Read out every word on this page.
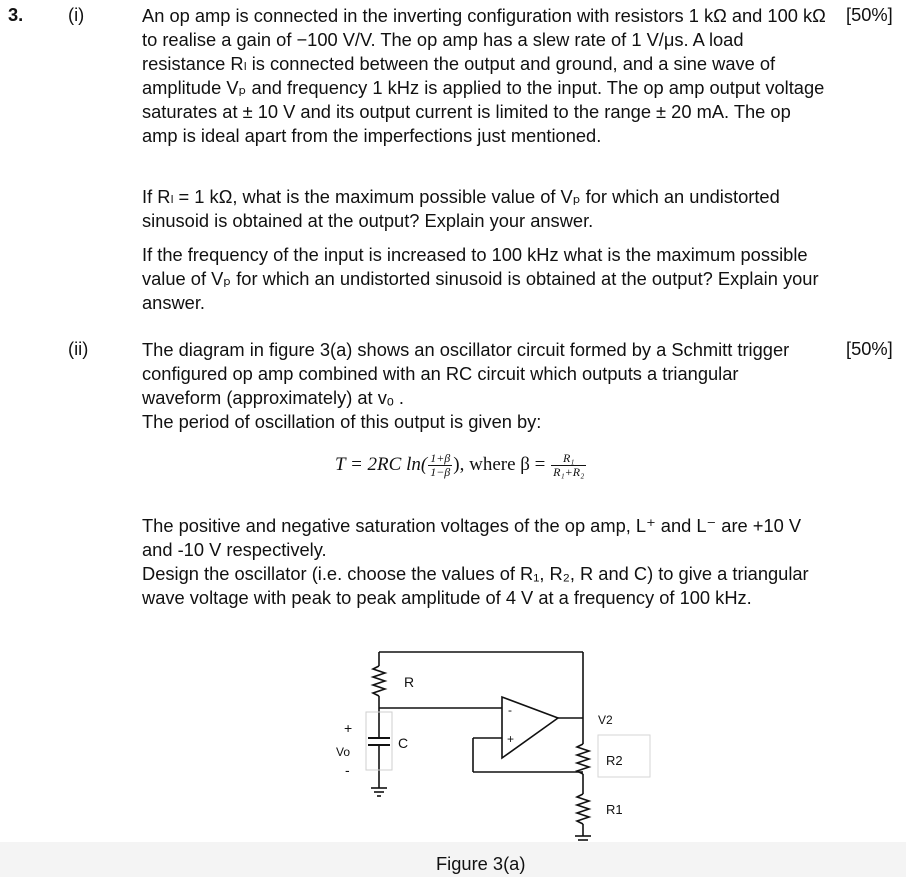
3. (i)	[50%]

An op amp is connected in the inverting configuration with resistors 1 kΩ and 100 kΩ to realise a gain of −100 V/V. The op amp has a slew rate of 1 V/μs. A load resistance Rₗ is connected between the output and ground, and a sine wave of amplitude Vₚ and frequency 1 kHz is applied to the input. The op amp output voltage saturates at ± 10 V and its output current is limited to the range ± 20 mA. The op amp is ideal apart from the imperfections just mentioned.

If Rₗ = 1 kΩ, what is the maximum possible value of Vₚ for which an undistorted sinusoid is obtained at the output? Explain your answer.

If the frequency of the input is increased to 100 kHz what is the maximum possible value of Vₚ for which an undistorted sinusoid is obtained at the output? Explain your answer.

(ii)	[50%]

The diagram in figure 3(a) shows an oscillator circuit formed by a Schmitt trigger configured op amp combined with an RC circuit which outputs a triangular waveform (approximately) at vₒ .

The period of oscillation of this output is given by:

T = 2RC $\ln( \frac{1+\beta}{1-\beta}$ ), where $\beta = \frac{\text{R₁}}{\text{R₁+R₂}}$

The positive and negative saturation voltages of the op amp, L⁺ and L⁻ are +10 V and -10 V respectively.

Design the oscillator (i.e. choose the values of R₁, R₂, R and C) to give a triangular wave voltage with peak to peak amplitude of 4 V at a frequency of 100 kHz.

R
C
+
-
Vo
V2
R2
R1
-
+
Figure 3(a)
